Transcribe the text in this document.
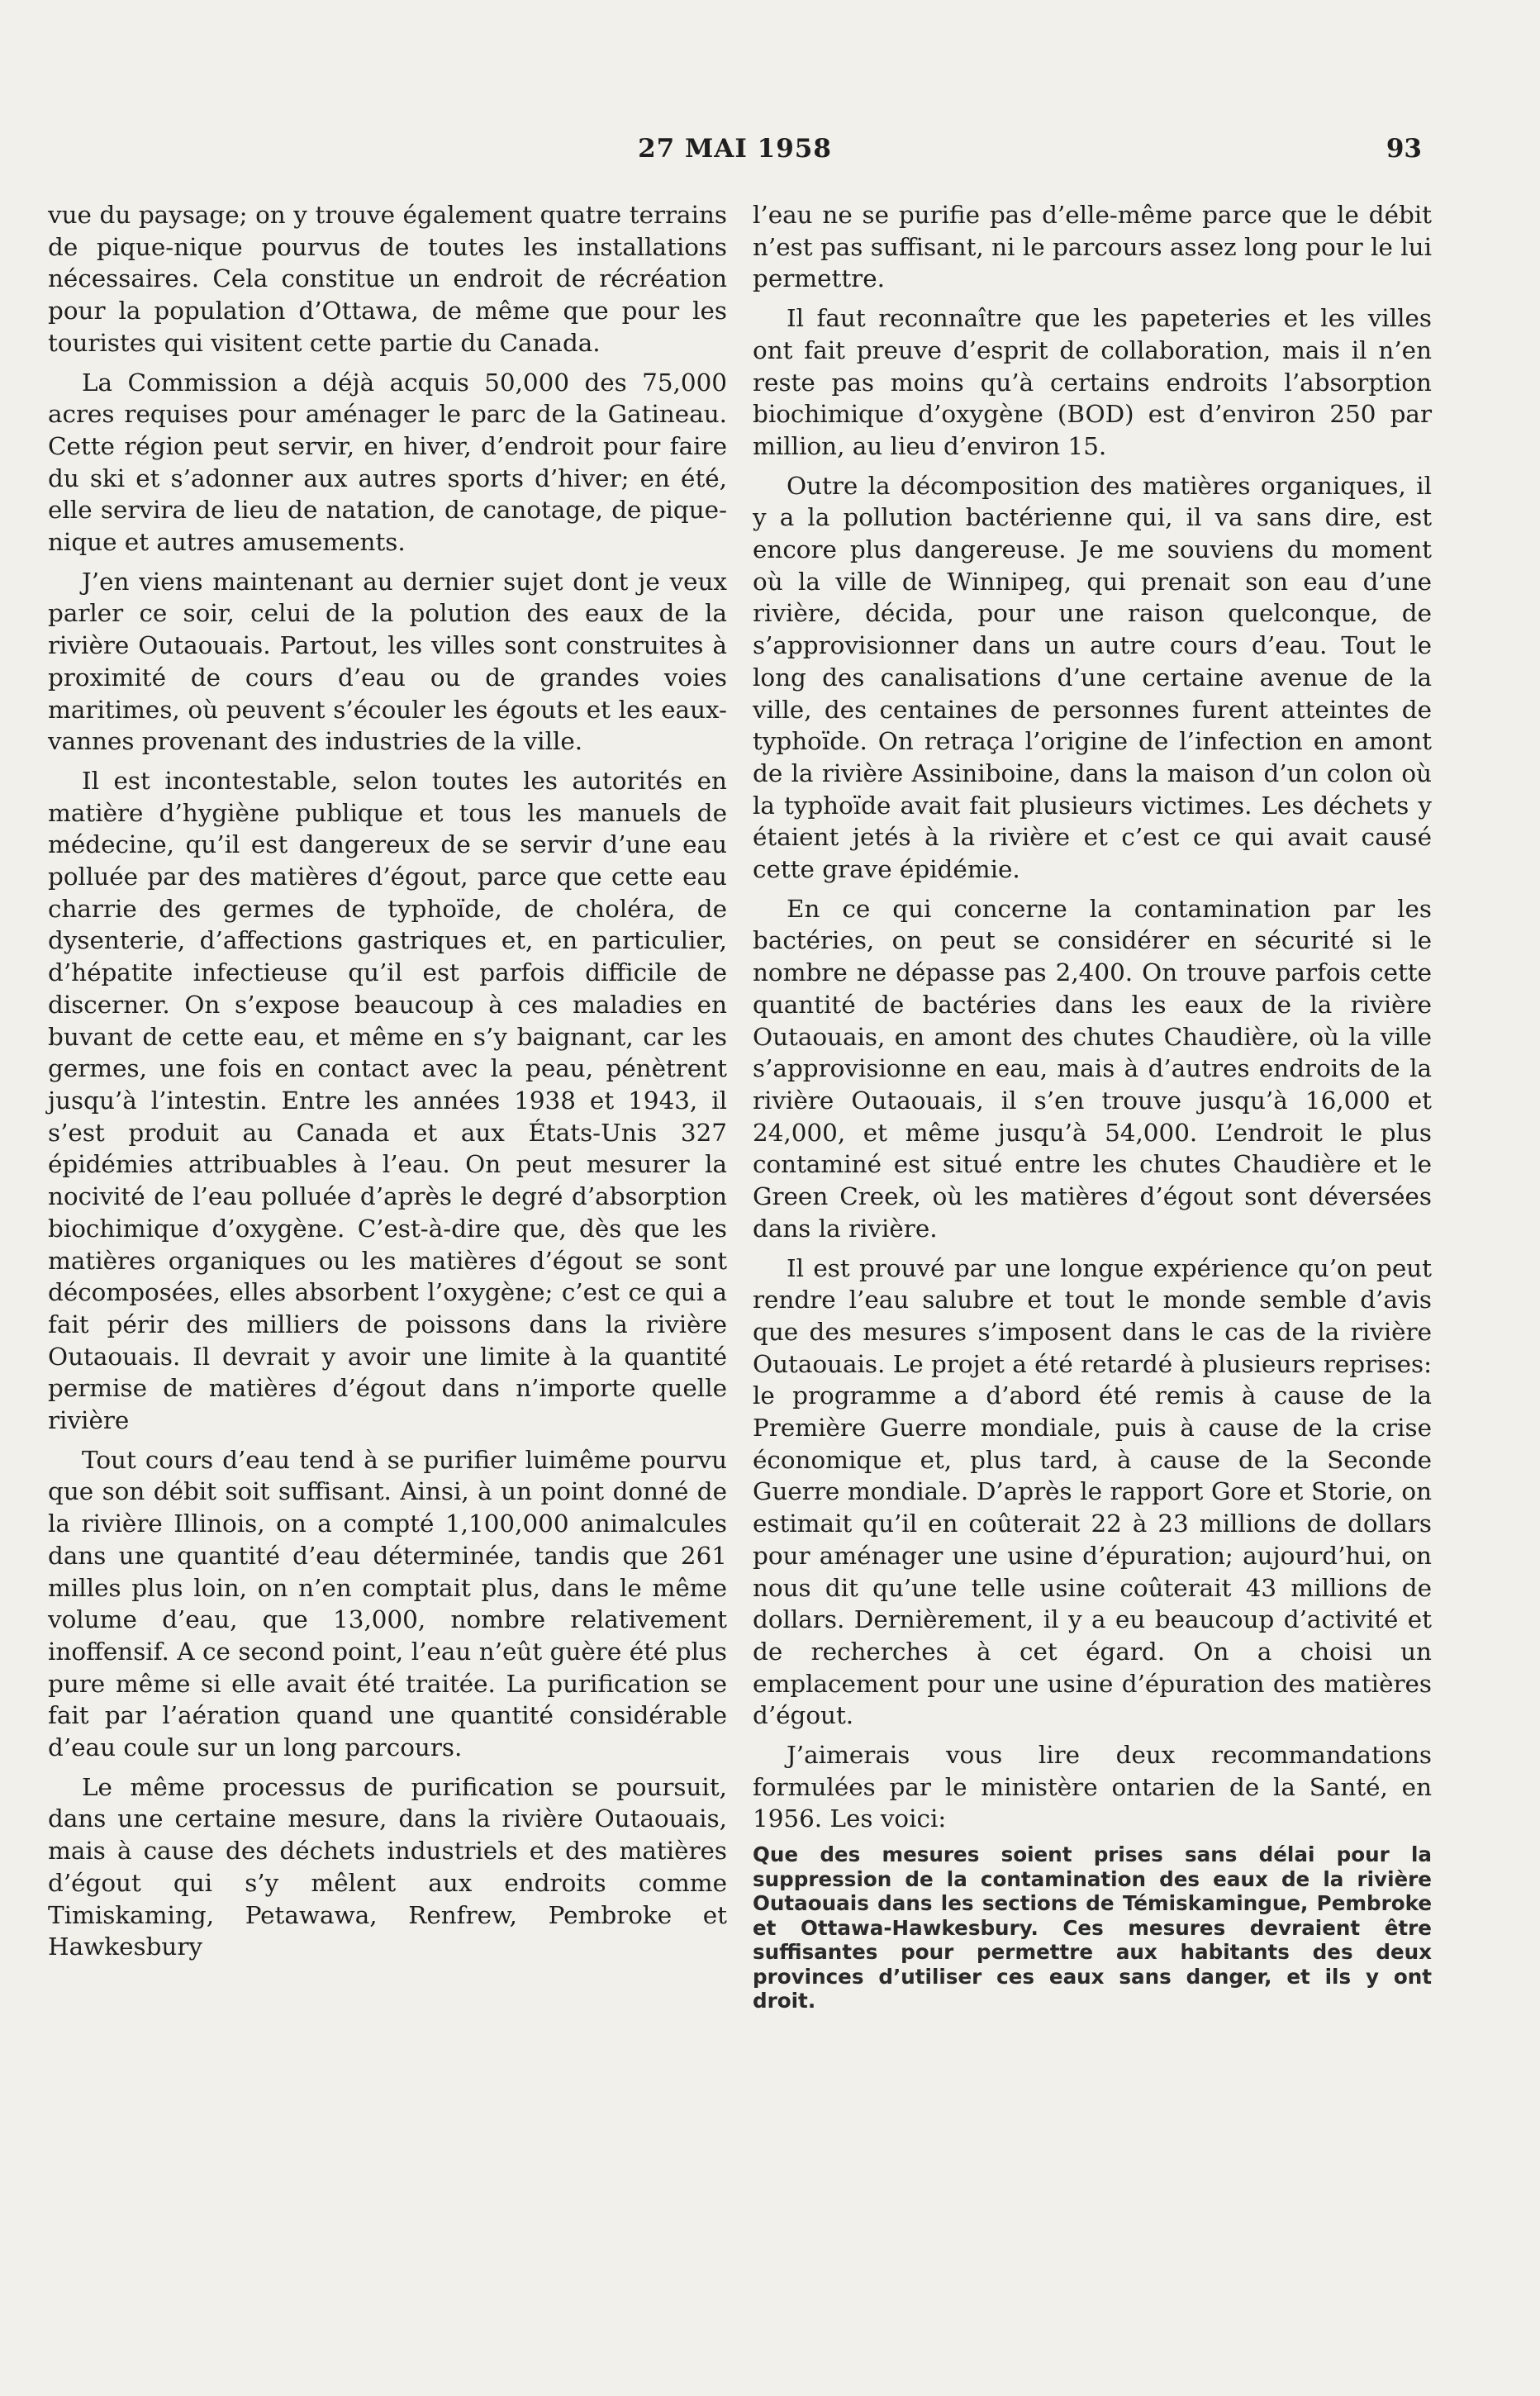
27 MAI 1958	93

vue du paysage; on y trouve également quatre terrains de pique-nique pourvus de toutes les installations nécessaires. Cela constitue un endroit de récréation pour la population d’Ottawa, de même que pour les touristes qui visitent cette partie du Canada.

La Commission a déjà acquis 50,000 des 75,000 acres requises pour aménager le parc de la Gatineau. Cette région peut servir, en hiver, d’endroit pour faire du ski et s’adonner aux autres sports d’hiver; en été, elle servira de lieu de natation, de canotage, de pique-nique et autres amusements.

J’en viens maintenant au dernier sujet dont je veux parler ce soir, celui de la polution des eaux de la rivière Outaouais. Partout, les villes sont construites à proximité de cours d’eau ou de grandes voies maritimes, où peuvent s’écouler les égouts et les eaux-vannes provenant des industries de la ville.

Il est incontestable, selon toutes les autorités en matière d’hygiène publique et tous les manuels de médecine, qu’il est dangereux de se servir d’une eau polluée par des matières d’égout, parce que cette eau charrie des germes de typhoïde, de choléra, de dysenterie, d’affections gastriques et, en particulier, d’hépatite infectieuse qu’il est parfois difficile de discerner. On s’expose beaucoup à ces maladies en buvant de cette eau, et même en s’y baignant, car les germes, une fois en contact avec la peau, pénètrent jusqu’à l’intestin. Entre les années 1938 et 1943, il s’est produit au Canada et aux États-Unis 327 épidémies attribuables à l’eau. On peut mesurer la nocivité de l’eau polluée d’après le degré d’absorption biochimique d’oxygène. C’est-à-dire que, dès que les matières organiques ou les matières d’égout se sont décomposées, elles absorbent l’oxygène; c’est ce qui a fait périr des milliers de poissons dans la rivière Outaouais. Il devrait y avoir une limite à la quantité permise de matières d’égout dans n’importe quelle rivière

Tout cours d’eau tend à se purifier luimême pourvu que son débit soit suffisant. Ainsi, à un point donné de la rivière Illinois, on a compté 1,100,000 animalcules dans une quantité d’eau déterminée, tandis que 261 milles plus loin, on n’en comptait plus, dans le même volume d’eau, que 13,000, nombre relativement inoffensif. A ce second point, l’eau n’eût guère été plus pure même si elle avait été traitée. La purification se fait par l’aération quand une quantité considérable d’eau coule sur un long parcours.

Le même processus de purification se poursuit, dans une certaine mesure, dans la rivière Outaouais, mais à cause des déchets industriels et des matières d’égout qui s’y mêlent aux endroits comme Timiskaming, Petawawa, Renfrew, Pembroke et Hawkesbury

l’eau ne se purifie pas d’elle-même parce que le débit n’est pas suffisant, ni le parcours assez long pour le lui permettre.

Il faut reconnaître que les papeteries et les villes ont fait preuve d’esprit de collaboration, mais il n’en reste pas moins qu’à certains endroits l’absorption biochimique d’oxygène (BOD) est d’environ 250 par million, au lieu d’environ 15.

Outre la décomposition des matières organiques, il y a la pollution bactérienne qui, il va sans dire, est encore plus dangereuse. Je me souviens du moment où la ville de Winnipeg, qui prenait son eau d’une rivière, décida, pour une raison quelconque, de s’approvisionner dans un autre cours d’eau. Tout le long des canalisations d’une certaine avenue de la ville, des centaines de personnes furent atteintes de typhoïde. On retraça l’origine de l’infection en amont de la rivière Assiniboine, dans la maison d’un colon où la typhoïde avait fait plusieurs victimes. Les déchets y étaient jetés à la rivière et c’est ce qui avait causé cette grave épidémie.

En ce qui concerne la contamination par les bactéries, on peut se considérer en sécurité si le nombre ne dépasse pas 2,400. On trouve parfois cette quantité de bactéries dans les eaux de la rivière Outaouais, en amont des chutes Chaudière, où la ville s’approvisionne en eau, mais à d’autres endroits de la rivière Outaouais, il s’en trouve jusqu’à 16,000 et 24,000, et même jusqu’à 54,000. L’endroit le plus contaminé est situé entre les chutes Chaudière et le Green Creek, où les matières d’égout sont déversées dans la rivière.

Il est prouvé par une longue expérience qu’on peut rendre l’eau salubre et tout le monde semble d’avis que des mesures s’imposent dans le cas de la rivière Outaouais. Le projet a été retardé à plusieurs reprises: le programme a d’abord été remis à cause de la Première Guerre mondiale, puis à cause de la crise économique et, plus tard, à cause de la Seconde Guerre mondiale. D’après le rapport Gore et Storie, on estimait qu’il en coûterait 22 à 23 millions de dollars pour aménager une usine d’épuration; aujourd’hui, on nous dit qu’une telle usine coûterait 43 millions de dollars. Dernièrement, il y a eu beaucoup d’activité et de recherches à cet égard. On a choisi un emplacement pour une usine d’épuration des matières d’égout.

J’aimerais vous lire deux recommandations formulées par le ministère ontarien de la Santé, en 1956. Les voici:

Que des mesures soient prises sans délai pour la suppression de la contamination des eaux de la rivière Outaouais dans les sections de Témiskamingue, Pembroke et Ottawa-Hawkesbury. Ces mesures devraient être suffisantes pour permettre aux habitants des deux provinces d’utiliser ces eaux sans danger, et ils y ont droit.
